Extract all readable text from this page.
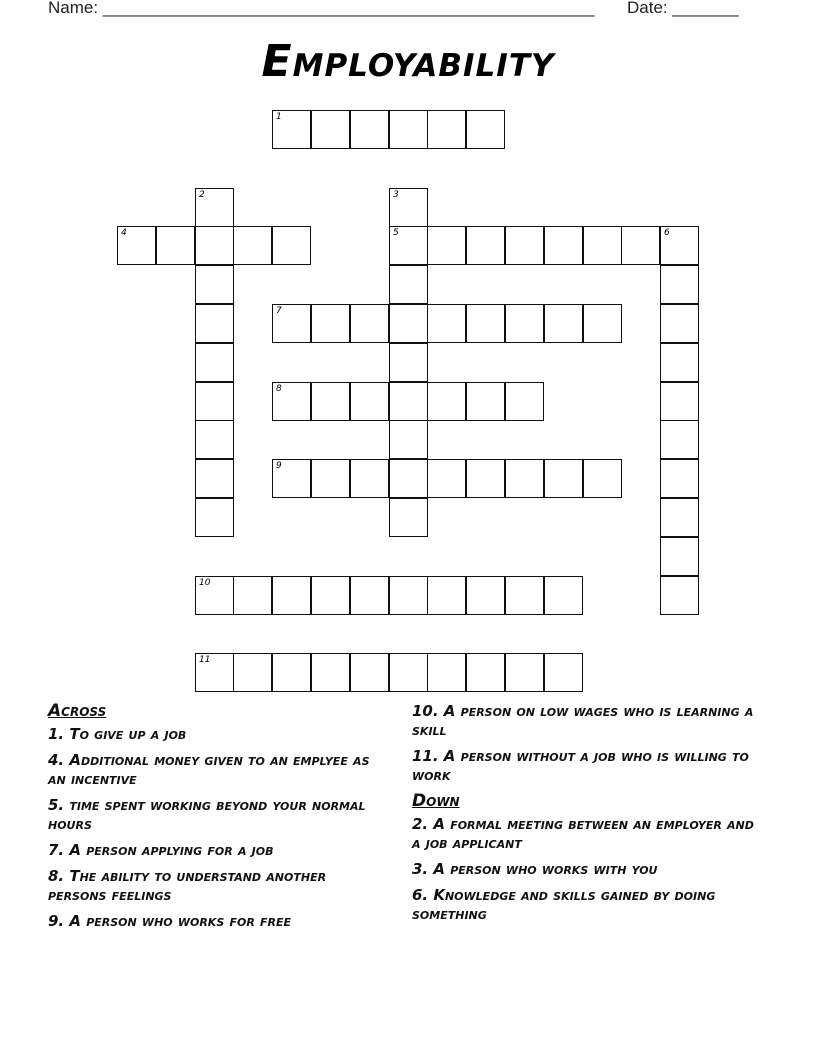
Name: ____________________________________________________ Date: _______
Employability
1
2	3
4	5	6
7
8
9
10
11
Across
1. To give up a job
4. Additional money given to an emplyee as an incentive
5. time spent working beyond your normal hours
7. A person applying for a job
8. The ability to understand another persons feelings
9. A person who works for free
10. A person on low wages who is learning a skill
11. A person without a job who is willing to work
Down
2. A formal meeting between an employer and a job applicant
3. A person who works with you
6. Knowledge and skills gained by doing something
